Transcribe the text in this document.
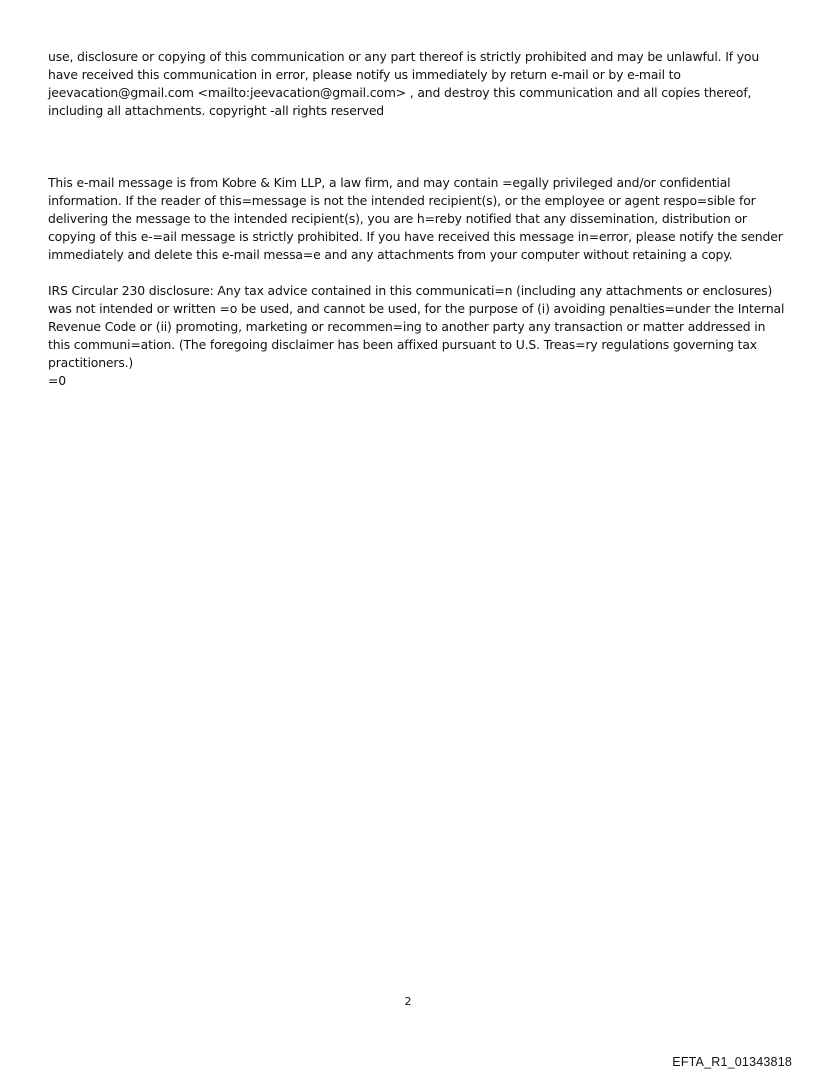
use, disclosure or copying of this communication or any part thereof is strictly prohibited and may be unlawful. If you
have received this communication in error, please notify us immediately by return e-mail or by e-mail to
jeevacation@gmail.com <mailto:jeevacation@gmail.com> , and destroy this communication and all copies thereof,
including all attachments. copyright -all rights reserved

This e-mail message is from Kobre & Kim LLP, a law firm, and may contain =egally privileged and/or confidential
information. If the reader of this=message is not the intended recipient(s), or the employee or agent respo=sible for
delivering the message to the intended recipient(s), you are h=reby notified that any dissemination, distribution or
copying of this e-=ail message is strictly prohibited. If you have received this message in=error, please notify the sender
immediately and delete this e-mail messa=e and any attachments from your computer without retaining a copy.

IRS Circular 230 disclosure: Any tax advice contained in this communicati=n (including any attachments or enclosures)
was not intended or written =o be used, and cannot be used, for the purpose of (i) avoiding penalties=under the Internal
Revenue Code or (ii) promoting, marketing or recommen=ing to another party any transaction or matter addressed in
this communi=ation. (The foregoing disclaimer has been affixed pursuant to U.S. Treas=ry regulations governing tax
practitioners.)
=0

2
EFTA_R1_01343818
